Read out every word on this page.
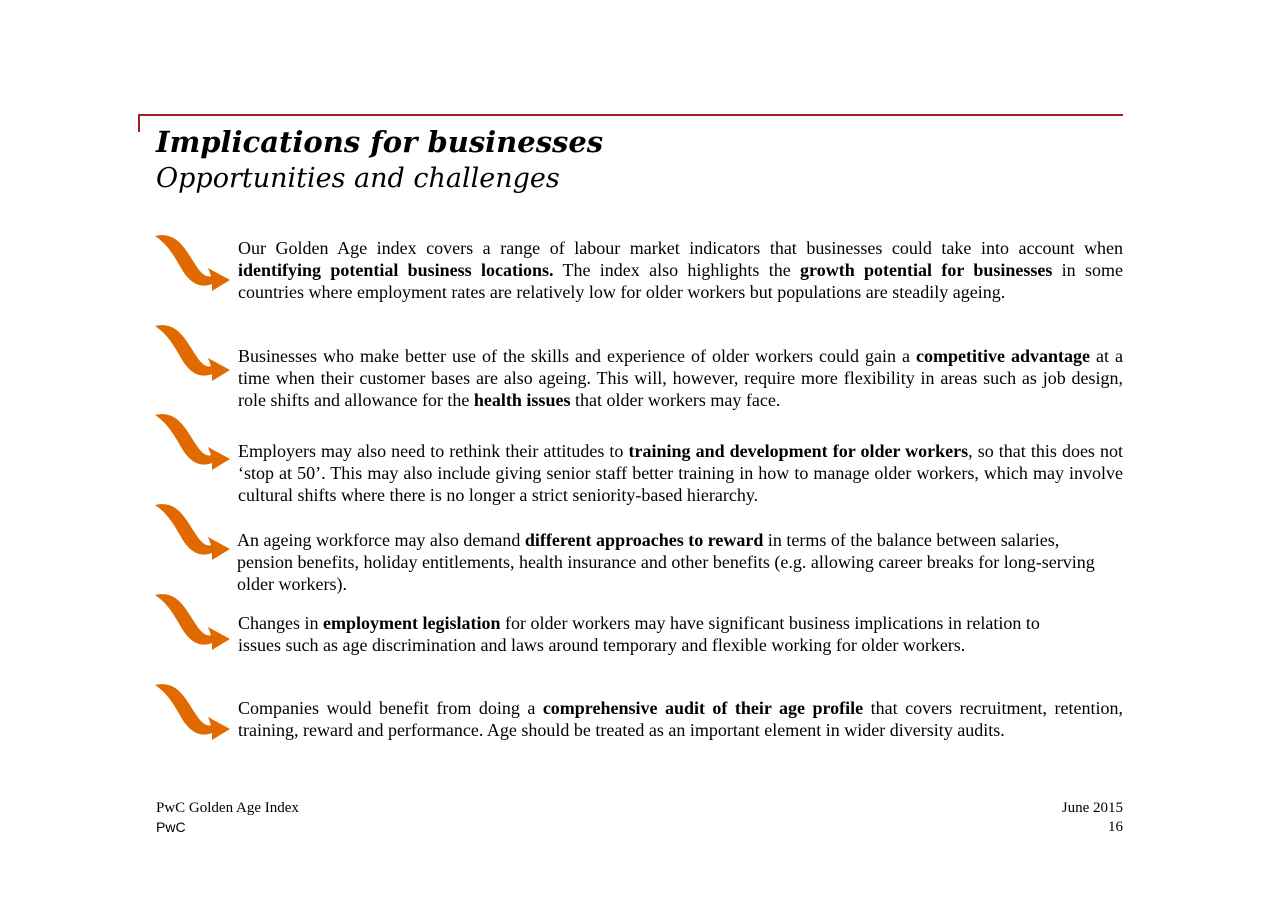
Implications for businesses
Opportunities and challenges

Our Golden Age index covers a range of labour market indicators that businesses could take into account when identifying potential business locations. The index also highlights the growth potential for businesses in some countries where employment rates are relatively low for older workers but populations are steadily ageing.

Businesses who make better use of the skills and experience of older workers could gain a competitive advantage at a time when their customer bases are also ageing. This will, however, require more flexibility in areas such as job design, role shifts and allowance for the health issues that older workers may face.

Employers may also need to rethink their attitudes to training and development for older workers, so that this does not ‘stop at 50’. This may also include giving senior staff better training in how to manage older workers, which may involve cultural shifts where there is no longer a strict seniority-based hierarchy.

An ageing workforce may also demand different approaches to reward in terms of the balance between salaries, pension benefits, holiday entitlements, health insurance and other benefits (e.g. allowing career breaks for long-serving older workers).

Changes in employment legislation for older workers may have significant business implications in relation to issues such as age discrimination and laws around temporary and flexible working for older workers.

Companies would benefit from doing a comprehensive audit of their age profile that covers recruitment, retention, training, reward and performance. Age should be treated as an important element in wider diversity audits.

PwC Golden Age Index
PwC
June 2015
16
